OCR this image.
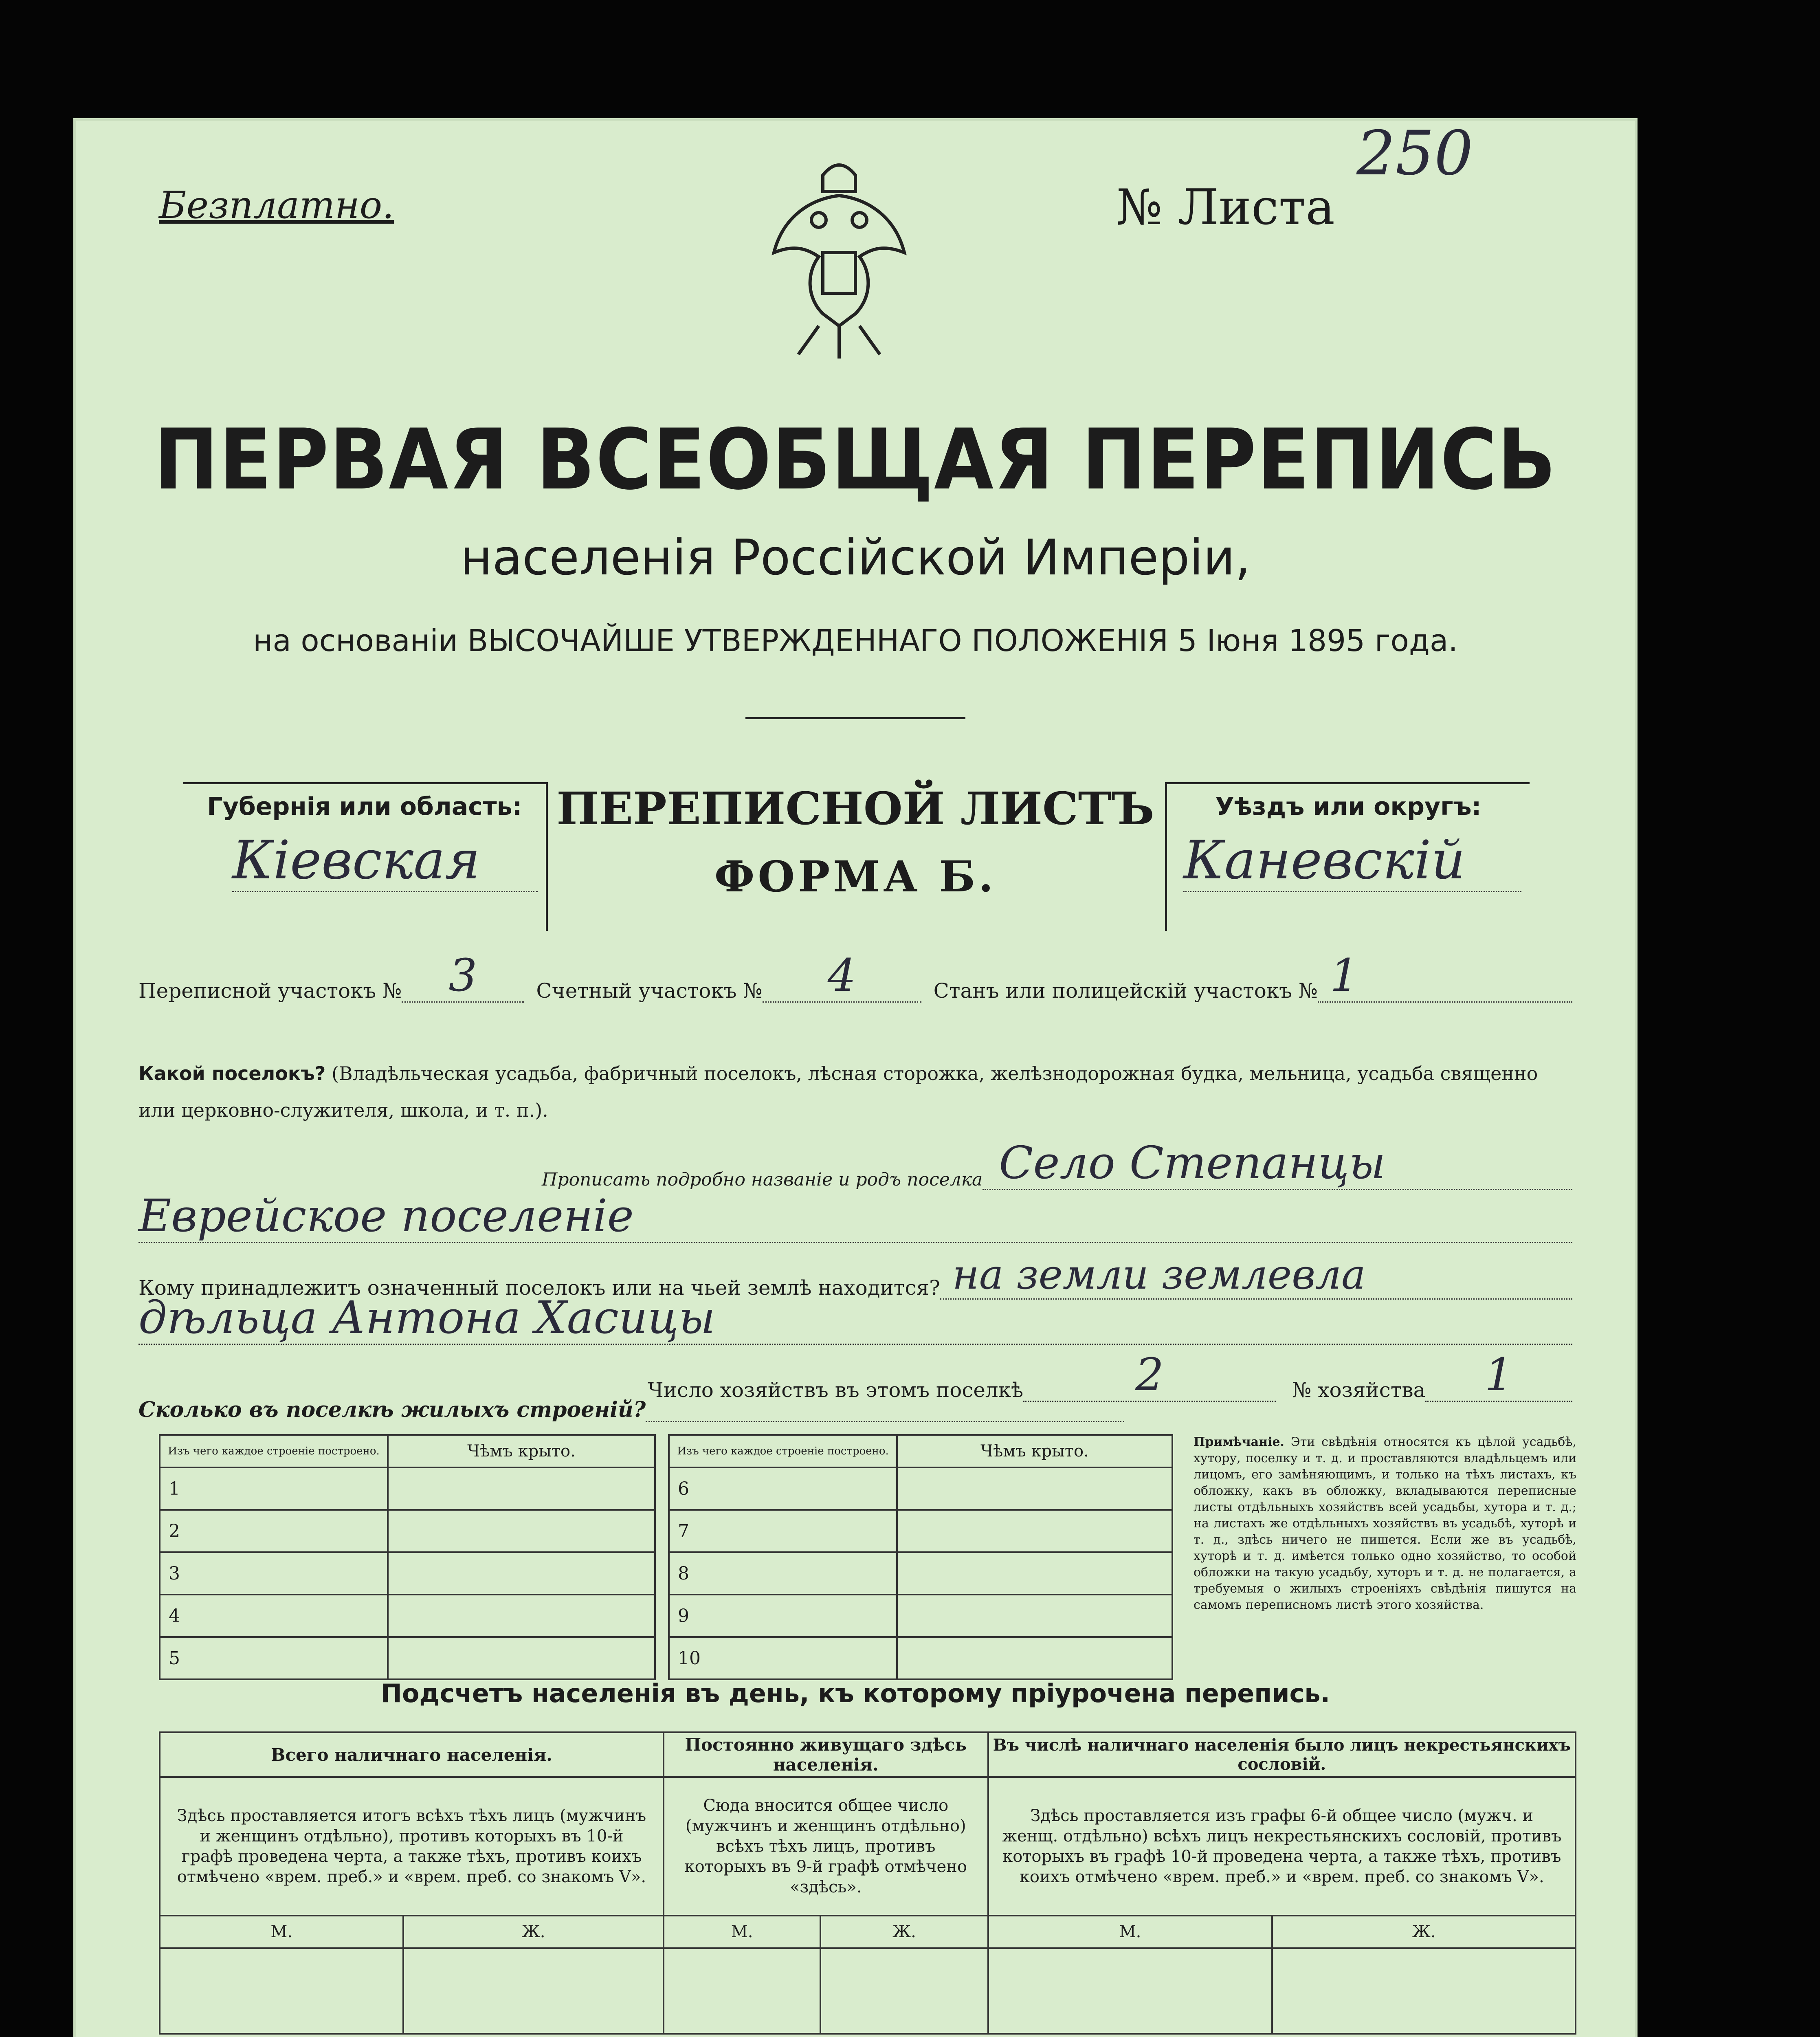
Безплатно.	№ Листа
250
ПЕРВАЯ ВСЕОБЩАЯ ПЕРЕПИСЬ
населенія Россійской Имперіи,
на основаніи ВЫСОЧАЙШЕ УТВЕРЖДЕННАГО ПОЛОЖЕНІЯ 5 Іюня 1895 года.
Губернія или область:
Кіевская
ПЕРЕПИСНОЙ ЛИСТЪ
ФОРМА Б.
Уѣздъ или округъ:
Каневскій
Переписной участокъ №	3	Счетный участокъ №	4	Станъ или полицейскій участокъ № 1
Какой поселокъ? (Владѣльческая усадьба, фабричный поселокъ, лѣсная сторожка, желѣзнодорожная будка, мельница, усадьба священно или церковно-служителя, школа, и т. п.).
Прописать подробно названіе и родъ поселка Село Степанцы
Еврейское поселеніе
Кому принадлежитъ означенный поселокъ или на чьей землѣ находится? на земли землевла
дѣльца Антона Хасицы
Число хозяйствъ въ этомъ поселкѣ	2	№ хозяйства	1
Сколько въ поселкѣ жилыхъ строеній?
Изъ чего каждое строеніе построено.	Чѣмъ крыто.
1	
2	
3	
4	
5	
Изъ чего каждое строеніе построено.	Чѣмъ крыто.
6	
7	
8	
9	
10	
Примѣчаніе. Эти свѣдѣнія относятся къ цѣлой усадьбѣ, хутору, поселку и т. д. и проставляются владѣльцемъ или лицомъ, его замѣняющимъ, и только на тѣхъ листахъ, къ обложку, какъ въ обложку, вкладываются переписные листы отдѣльныхъ хозяйствъ всей усадьбы, хутора и т. д.; на листахъ же отдѣльныхъ хозяйствъ въ усадьбѣ, хуторѣ и т. д., здѣсь ничего не пишется. Если же въ усадьбѣ, хуторѣ и т. д. имѣется только одно хозяйство, то особой обложки на такую усадьбу, хуторъ и т. д. не полагается, а требуемыя о жилыхъ строеніяхъ свѣдѣнія пишутся на самомъ переписномъ листѣ этого хозяйства.
Подсчетъ населенія въ день, къ которому пріурочена перепись.
Всего наличнаго населенія.		Постоянно живущаго здѣсь населенія.		Въ числѣ наличнаго населенія было лицъ некрестьянскихъ сословій.	
Здѣсь проставляется итогъ всѣхъ тѣхъ лицъ (мужчинъ и женщинъ отдѣльно), противъ которыхъ въ 10-й графѣ проведена черта, а также тѣхъ, противъ коихъ отмѣчено «врем. преб.» и «врем. преб. со знакомъ V».		Сюда вносится общее число (мужчинъ и женщинъ отдѣльно) всѣхъ тѣхъ лицъ, противъ которыхъ въ 9-й графѣ отмѣчено «здѣсь».		Здѣсь проставляется изъ графы 6-й общее число (мужч. и женщ. отдѣльно) всѣхъ лицъ некрестьянскихъ сословій, противъ которыхъ въ графѣ 10-й проведена черта, а также тѣхъ, противъ коихъ отмѣчено «врем. преб.» и «врем. преб. со знакомъ V».	
М.	Ж.	М.	Ж.	М.	Ж.
